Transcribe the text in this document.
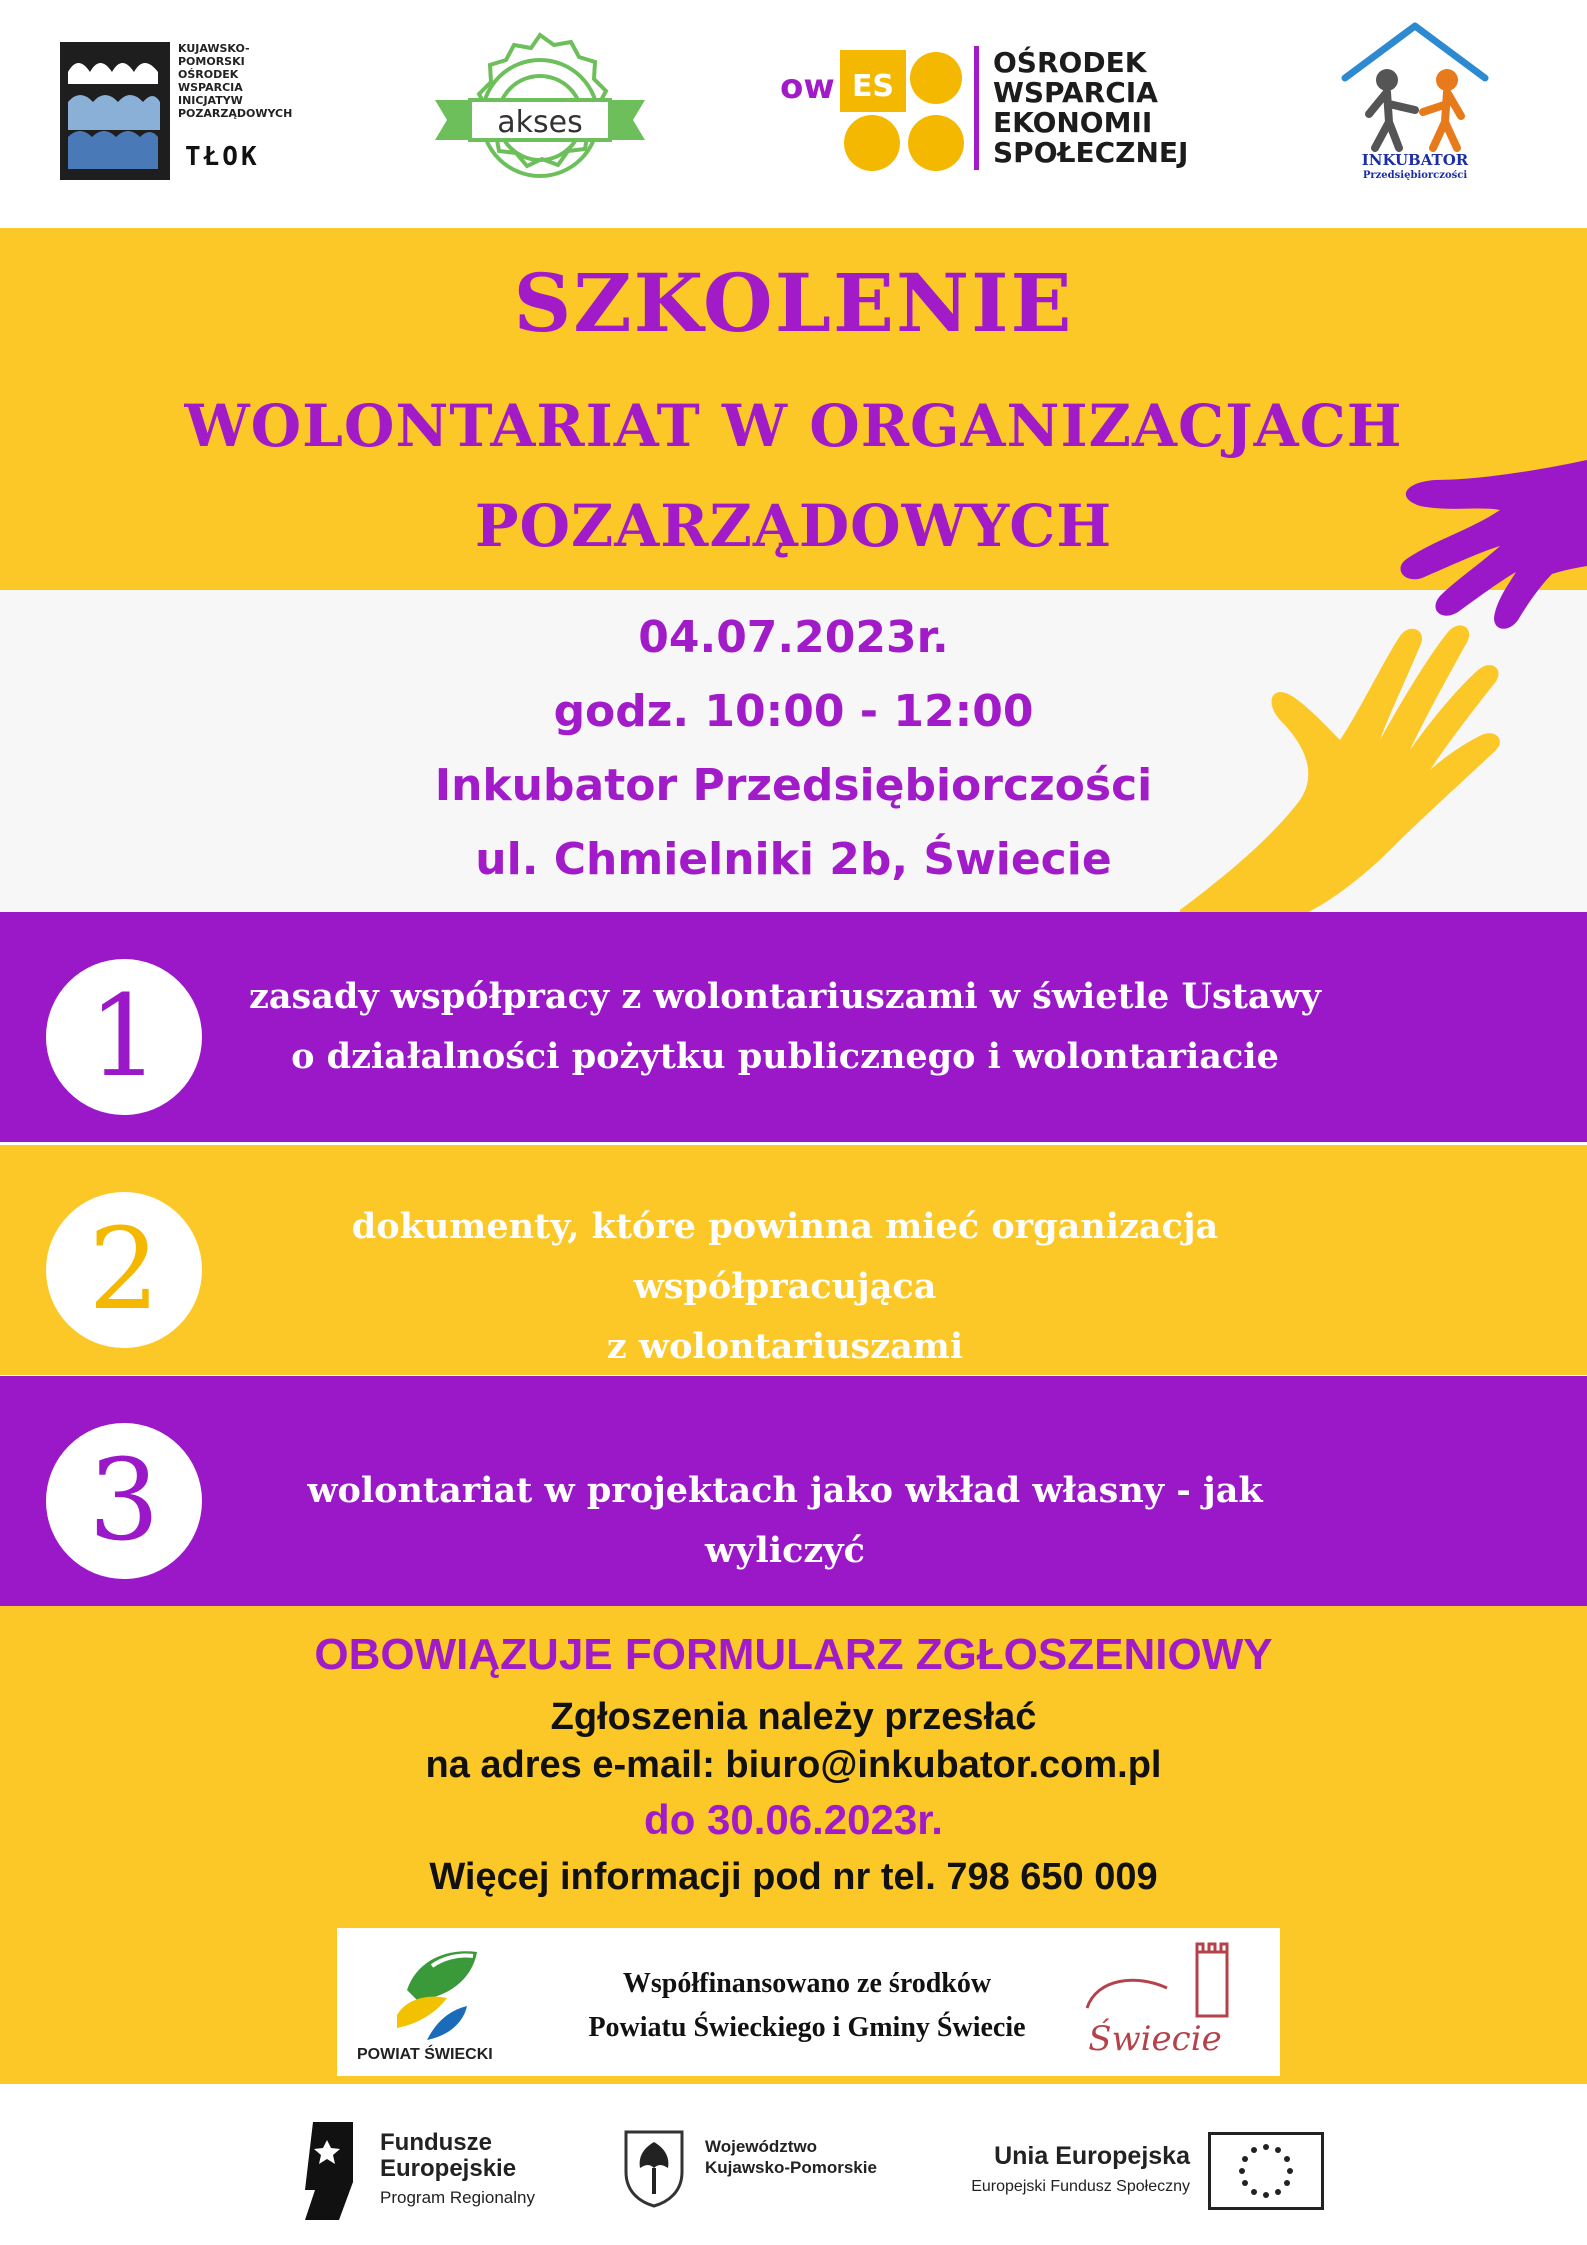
KUJAWSKO-
POMORSKI
OŚRODEK
WSPARCIA
INICJATYW
POZARZĄDOWYCH
TŁOK
akses
ow ES
OŚRODEK
WSPARCIA
EKONOMII
SPOŁECZNEJ	INKUBATOR
Przedsiębiorczości
SZKOLENIE
WOLONTARIAT W ORGANIZACJACH
POZARZĄDOWYCH
04.07.2023r.
godz. 10:00 - 12:00
Inkubator Przedsiębiorczości
ul. Chmielniki 2b, Świecie
1	zasady współpracy z wolontariuszami w świetle Ustawy
o działalności pożytku publicznego i wolontariacie
2	dokumenty, które powinna mieć organizacja współpracująca
z wolontariuszami
3	wolontariat w projektach jako wkład własny - jak wyliczyć
OBOWIĄZUJE FORMULARZ ZGŁOSZENIOWY
Zgłoszenia należy przesłać
na adres e-mail: biuro@inkubator.com.pl
do 30.06.2023r.
Więcej informacji pod nr tel. 798 650 009
POWIAT ŚWIECKI
Współfinansowano ze środków
Powiatu Świeckiego i Gminy Świecie	Świecie
Fundusze
Europejskie
Program Regionalny
Województwo
Kujawsko-Pomorskie	Unia Europejska
Europejski Fundusz Społeczny
